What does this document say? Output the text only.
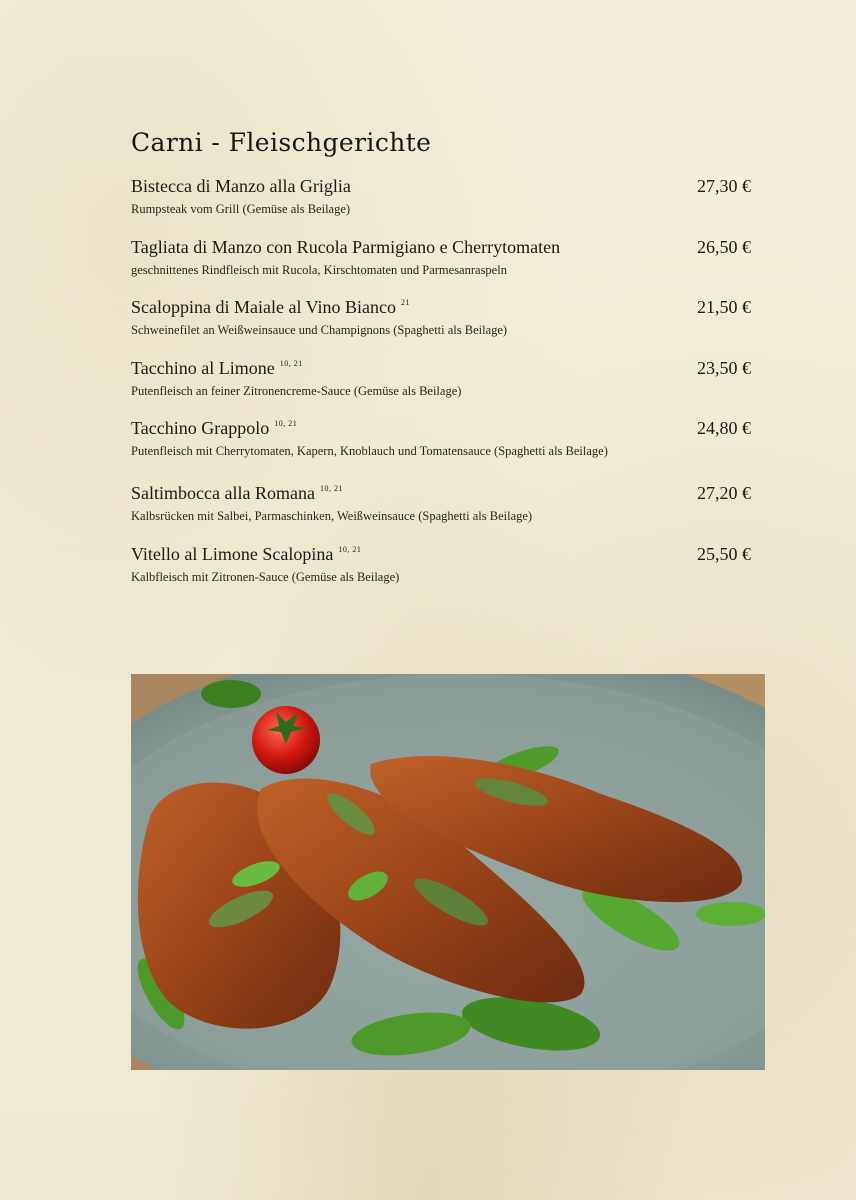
Carni - Fleischgerichte
Bistecca di Manzo alla Griglia	27,30 €
Rumpsteak vom Grill (Gemüse als Beilage)
Tagliata di Manzo con Rucola Parmigiano e Cherrytomaten	26,50 €
geschnittenes Rindfleisch mit Rucola, Kirschtomaten und Parmesanraspeln
Scaloppina di Maiale al Vino Bianco $^{21}$	21,50 €
Schweinefilet an Weißweinsauce und Champignons (Spaghetti als Beilage)
Tacchino al Limone $^{10, 21}$	23,50 €
Putenfleisch an feiner Zitronencreme-Sauce (Gemüse als Beilage)
Tacchino Grappolo $^{10, 21}$	24,80 €
Putenfleisch mit Cherrytomaten, Kapern, Knoblauch und Tomatensauce (Spaghetti als Beilage)
Saltimbocca alla Romana $^{10, 21}$	27,20 €
Kalbsrücken mit Salbei, Parmaschinken, Weißweinsauce (Spaghetti als Beilage)
Vitello al Limone Scalopina $^{10, 21}$	25,50 €
Kalbfleisch mit Zitronen-Sauce (Gemüse als Beilage)
